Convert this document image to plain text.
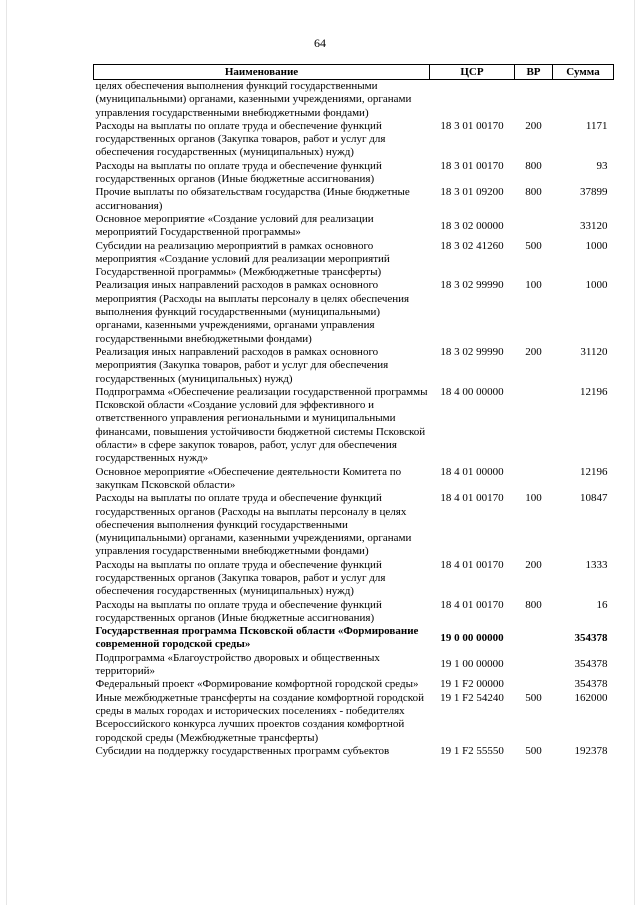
64
Наименование	ЦСР	ВР	Сумма
целях обеспечения выполнения функций государственными (муниципальными) органами, казенными учреждениями, органами управления государственными внебюджетными фондами)			
Расходы на выплаты по оплате труда и обеспечение функций государственных органов (Закупка товаров, работ и услуг для обеспечения государственных (муниципальных) нужд)	18 3 01 00170	200	1171
Расходы на выплаты по оплате труда и обеспечение функций государственных органов (Иные бюджетные ассигнования)	18 3 01 00170	800	93
Прочие выплаты по обязательствам государства (Иные бюджетные ассигнования)	18 3 01 09200	800	37899
Основное мероприятие «Создание условий для реализации мероприятий Государственной программы»	18 3 02 00000		33120
Субсидии на реализацию мероприятий в рамках основного мероприятия «Создание условий для реализации мероприятий Государственной программы» (Межбюджетные трансферты)	18 3 02 41260	500	1000
Реализация иных направлений расходов в рамках основного мероприятия (Расходы на выплаты персоналу в целях обеспечения выполнения функций государственными (муниципальными) органами, казенными учреждениями, органами управления государственными внебюджетными фондами)	18 3 02 99990	100	1000
Реализация иных направлений расходов в рамках основного мероприятия (Закупка товаров, работ и услуг для обеспечения государственных (муниципальных) нужд)	18 3 02 99990	200	31120
Подпрограмма «Обеспечение реализации государственной программы Псковской области «Создание условий для эффективного и ответственного управления региональными и муниципальными финансами, повышения устойчивости бюджетной системы Псковской области» в сфере закупок товаров, работ, услуг для обеспечения государственных нужд»	18 4 00 00000		12196
Основное мероприятие «Обеспечение деятельности Комитета по закупкам Псковской области»	18 4 01 00000		12196
Расходы на выплаты по оплате труда и обеспечение функций государственных органов (Расходы на выплаты персоналу в целях обеспечения выполнения функций государственными (муниципальными) органами, казенными учреждениями, органами управления государственными внебюджетными фондами)	18 4 01 00170	100	10847
Расходы на выплаты по оплате труда и обеспечение функций государственных органов (Закупка товаров, работ и услуг для обеспечения государственных (муниципальных) нужд)	18 4 01 00170	200	1333
Расходы на выплаты по оплате труда и обеспечение функций государственных органов (Иные бюджетные ассигнования)	18 4 01 00170	800	16
Государственная программа Псковской области «Формирование современной городской среды»	19 0 00 00000		354378
Подпрограмма «Благоустройство дворовых и общественных территорий»	19 1 00 00000		354378
Федеральный проект «Формирование комфортной городской среды»	19 1 F2 00000		354378
Иные межбюджетные трансферты на создание комфортной городской среды в малых городах и исторических поселениях - победителях Всероссийского конкурса лучших проектов создания комфортной городской среды (Межбюджетные трансферты)	19 1 F2 54240	500	162000
Субсидии на поддержку государственных программ субъектов	19 1 F2 55550	500	192378
